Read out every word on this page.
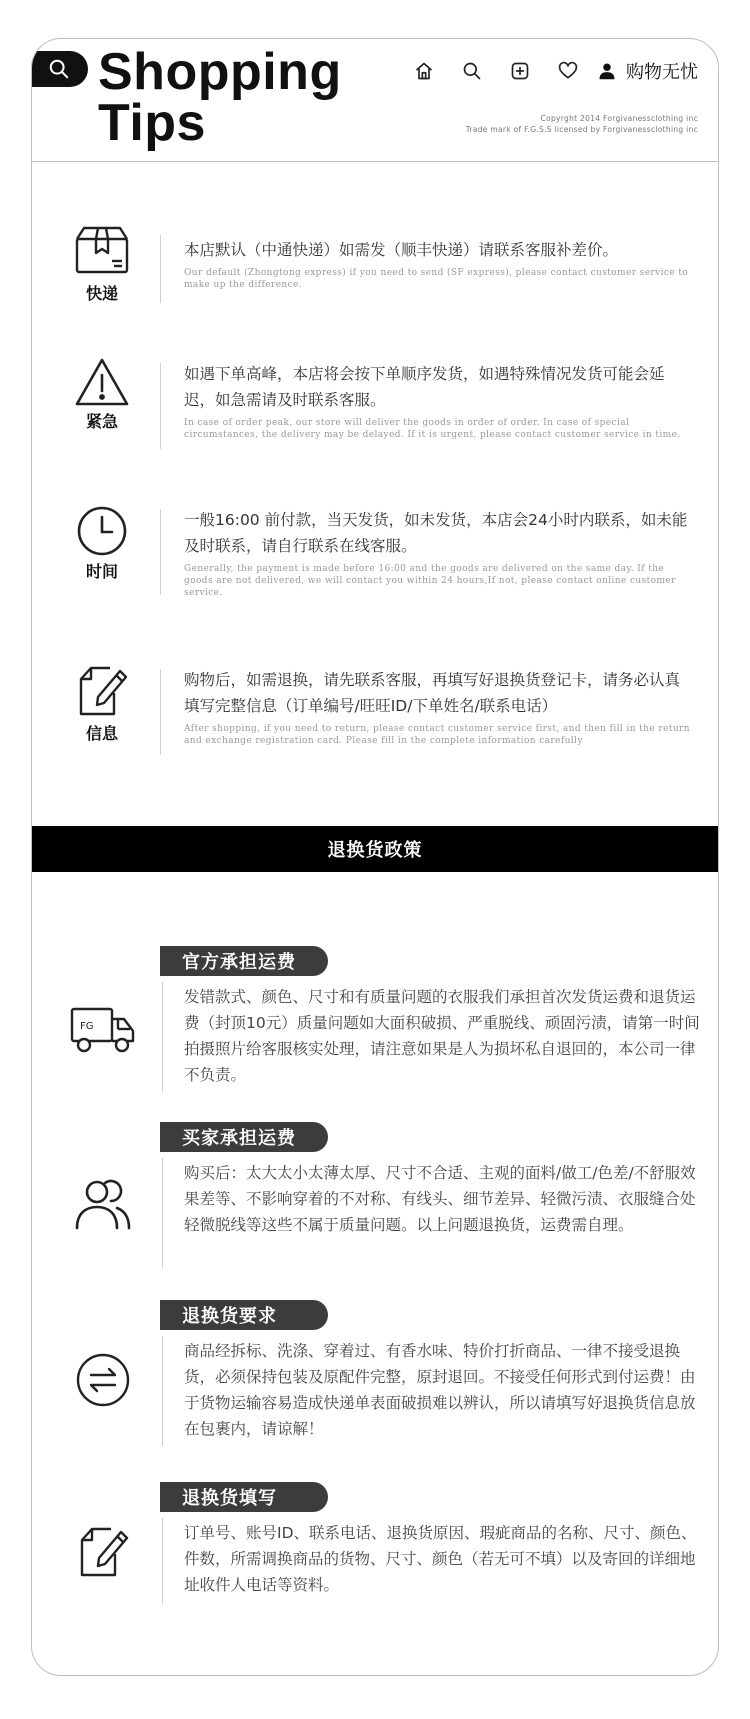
Shopping
Tips
购物无忧
Copyrght 2014 Forgivanessclothing inc
Trade mark of F.G.S.S licensed by Forgivanessclothing inc
快递
本店默认（中通快递）如需发（顺丰快递）请联系客服补差价。
Our default (Zhongtong express) if you need to send (SF express), please contact customer service to make up the difference.
紧急
如遇下单高峰，本店将会按下单顺序发货，如遇特殊情况发货可能会延迟，如急需请及时联系客服。
In case of order peak, our store will deliver the goods in order of order. In case of special circumstances, the delivery may be delayed. If it is urgent, please contact customer service in time.
时间
一般16:00 前付款，当天发货，如未发货，本店会24小时内联系，如未能及时联系，请自行联系在线客服。
Generally, the payment is made before 16:00 and the goods are delivered on the same day. If the goods are not delivered, we will contact you within 24 hours,If not, please contact online customer service.
信息
购物后，如需退换，请先联系客服，再填写好退换货登记卡，请务必认真填写完整信息（订单编号/旺旺ID/下单姓名/联系电话）
After shopping, if you need to return, please contact customer service first, and then fill in the return and exchange registration card. Please fill in the complete information carefully
退换货政策
官方承担运费
FG
发错款式、颜色、尺寸和有质量问题的衣服我们承担首次发货运费和退货运费（封顶10元）质量问题如大面积破损、严重脱线、顽固污渍，请第一时间拍摄照片给客服核实处理，请注意如果是人为损坏私自退回的，本公司一律不负责。
买家承担运费
购买后：太大太小太薄太厚、尺寸不合适、主观的面料/做工/色差/不舒服效果差等、不影响穿着的不对称、有线头、细节差异、轻微污渍、衣服缝合处轻微脱线等这些不属于质量问题。以上问题退换货，运费需自理。
退换货要求
商品经拆标、洗涤、穿着过、有香水味、特价打折商品、一律不接受退换货，必须保持包装及原配件完整，原封退回。不接受任何形式到付运费！由于货物运输容易造成快递单表面破损难以辨认，所以请填写好退换货信息放在包裹内，请谅解！
退换货填写
订单号、账号ID、联系电话、退换货原因、瑕疵商品的名称、尺寸、颜色、件数，所需调换商品的货物、尺寸、颜色（若无可不填）以及寄回的详细地址收件人电话等资料。
